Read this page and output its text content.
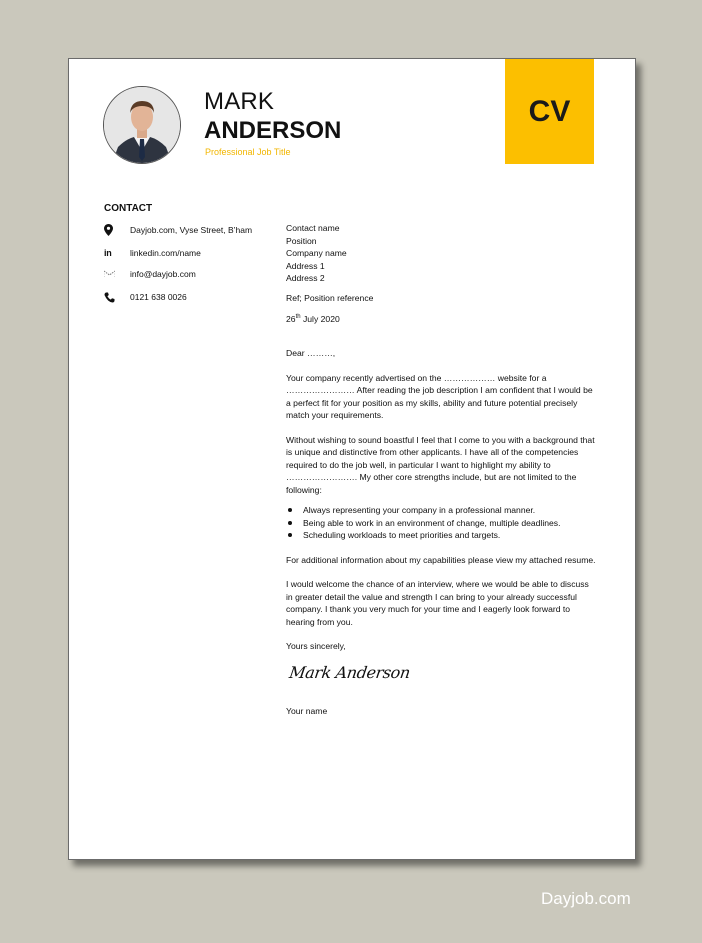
MARK
ANDERSON
Professional Job Title
CV
CONTACT
Dayjob.com, Vyse Street, B’ham
in linkedin.com/name
info@dayjob.com
0121 638 0026
Contact name
Position
Company name
Address 1
Address 2

Ref; Position reference

26th July 2020

Dear ………,

Your company recently advertised on the ……………… website for a …………………… After reading the job description I am confident that I would be a perfect fit for your position as my skills, ability and future potential precisely match your requirements.

Without wishing to sound boastful I feel that I come to you with a background that is unique and distinctive from other applicants. I have all of the competencies required to do the job well, in particular I want to highlight my ability to ……………………. My other core strengths include, but are not limited to the following:

Always representing your company in a professional manner.
Being able to work in an environment of change, multiple deadlines.
Scheduling workloads to meet priorities and targets.

For additional information about my capabilities please view my attached resume.

I would welcome the chance of an interview, where we would be able to discuss in greater detail the value and strength I can bring to your already successful company. I thank you very much for your time and I eagerly look forward to hearing from you.

Yours sincerely,

Mark Anderson

Your name

Dayjob.com
